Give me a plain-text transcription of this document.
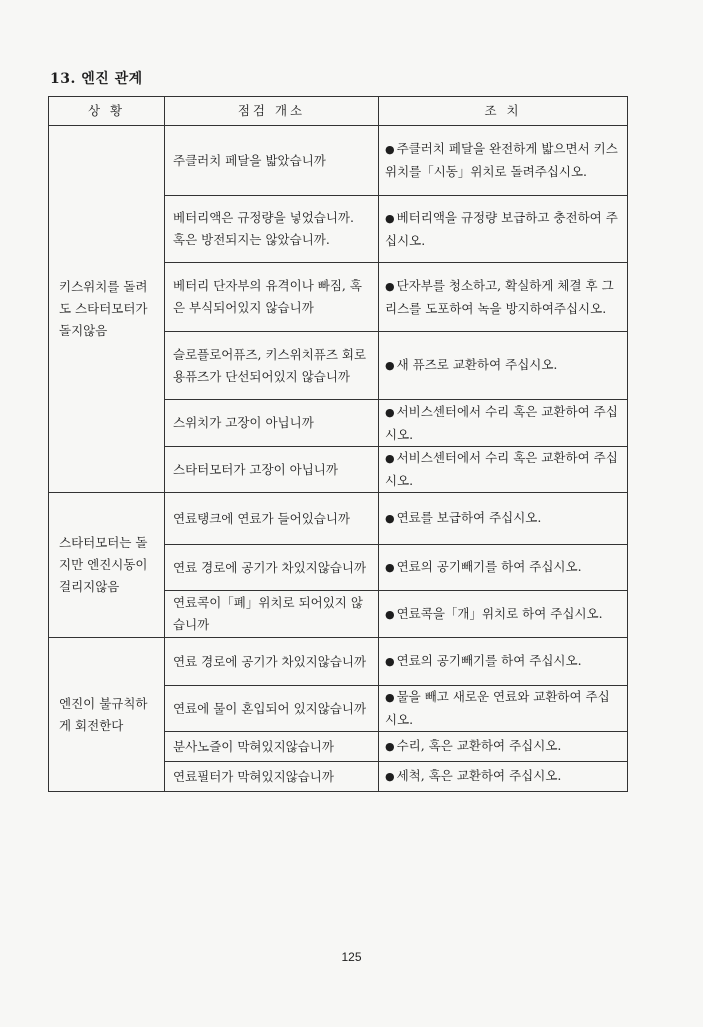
13. 엔진 관계
상 황	점검 개소	조 치
키스위치를 돌려도 스타터모터가 돌지않음	주클러치 페달을 밟았습니까	● 주클러치 페달을 완전하게 밟으면서 키스위치를「시동」위치로 돌려주십시오.
	베터리액은 규정량을 넣었습니까. 혹은 방전되지는 않았습니까.	● 베터리액을 규정량 보급하고 충전하여 주십시오.
	베터리 단자부의 유격이나 빠짐, 혹은 부식되어있지 않습니까	● 단자부를 청소하고, 확실하게 체결 후 그리스를 도포하여 녹을 방지하여주십시오.
	슬로플로어퓨즈, 키스위치퓨즈 회로용퓨즈가 단선되어있지 않습니까	● 새 퓨즈로 교환하여 주십시오.
	스위치가 고장이 아닙니까	● 서비스센터에서 수리 혹은 교환하여 주십시오.
	스타터모터가 고장이 아닙니까	● 서비스센터에서 수리 혹은 교환하여 주십시오.
스타터모터는 돌지만 엔진시동이 걸리지않음	연료탱크에 연료가 들어있습니까	● 연료를 보급하여 주십시오.
	연료 경로에 공기가 차있지않습니까	● 연료의 공기빼기를 하여 주십시오.
	연료콕이「폐」위치로 되어있지 않습니까	● 연료콕을「개」위치로 하여 주십시오.
엔진이 불규칙하게 회전한다	연료 경로에 공기가 차있지않습니까	● 연료의 공기빼기를 하여 주십시오.
	연료에 물이 혼입되어 있지않습니까	● 물을 빼고 새로운 연료와 교환하여 주십시오.
	분사노즐이 막혀있지않습니까	● 수리, 혹은 교환하여 주십시오.
	연료필터가 막혀있지않습니까	● 세척, 혹은 교환하여 주십시오.
125
